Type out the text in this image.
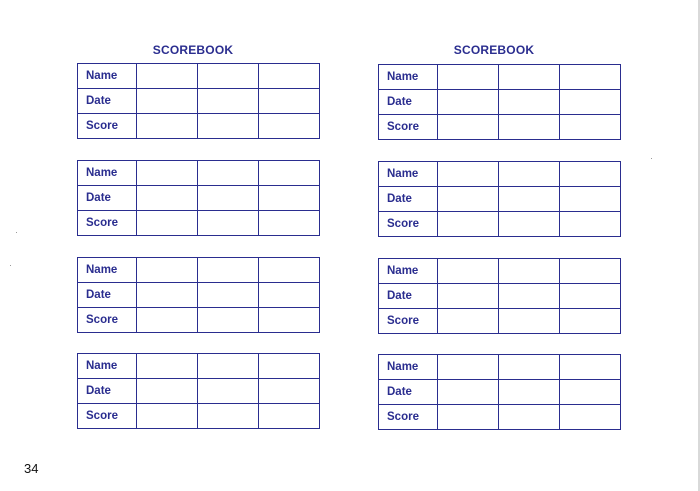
SCOREBOOK
Name			
Date			
Score			
Name			
Date			
Score			
Name			
Date			
Score			
Name			
Date			
Score			
SCOREBOOK
Name			
Date			
Score			
Name			
Date			
Score			
Name			
Date			
Score			
Name			
Date			
Score			
34
